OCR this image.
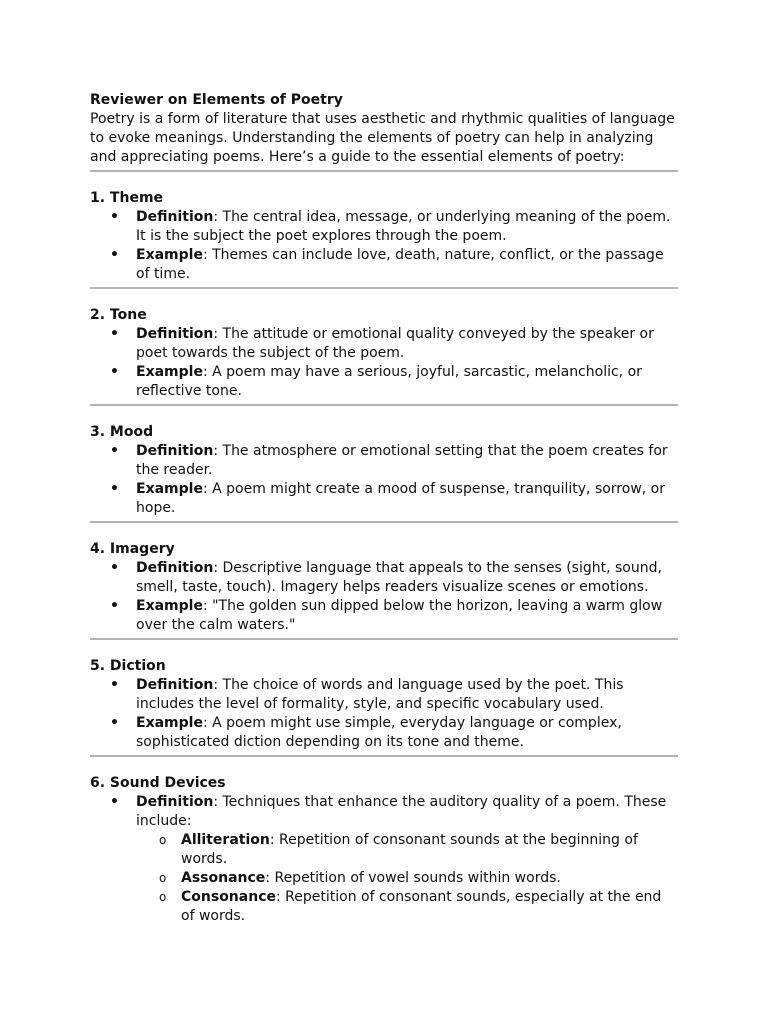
Reviewer on Elements of Poetry

Poetry is a form of literature that uses aesthetic and rhythmic qualities of language to evoke meanings. Understanding the elements of poetry can help in analyzing and appreciating poems. Here’s a guide to the essential elements of poetry:

1. Theme

• Definition: The central idea, message, or underlying meaning of the poem. It is the subject the poet explores through the poem.
• Example: Themes can include love, death, nature, conflict, or the passage of time.

2. Tone

• Definition: The attitude or emotional quality conveyed by the speaker or poet towards the subject of the poem.
• Example: A poem may have a serious, joyful, sarcastic, melancholic, or reflective tone.

3. Mood

• Definition: The atmosphere or emotional setting that the poem creates for the reader.
• Example: A poem might create a mood of suspense, tranquility, sorrow, or hope.

4. Imagery

• Definition: Descriptive language that appeals to the senses (sight, sound, smell, taste, touch). Imagery helps readers visualize scenes or emotions.
• Example: "The golden sun dipped below the horizon, leaving a warm glow over the calm waters."

5. Diction

• Definition: The choice of words and language used by the poet. This includes the level of formality, style, and specific vocabulary used.
• Example: A poem might use simple, everyday language or complex, sophisticated diction depending on its tone and theme.

6. Sound Devices

• Definition: Techniques that enhance the auditory quality of a poem. These include:
o Alliteration: Repetition of consonant sounds at the beginning of words.
o Assonance: Repetition of vowel sounds within words.
o Consonance: Repetition of consonant sounds, especially at the end of words.
